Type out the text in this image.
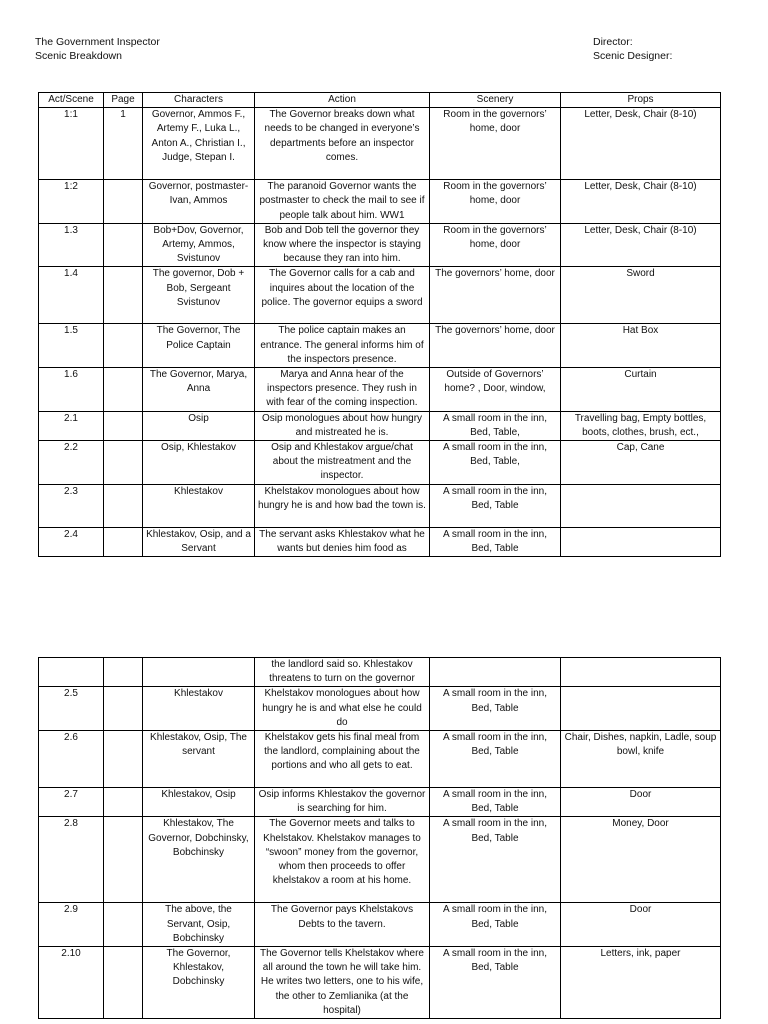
The Government Inspector
Scenic Breakdown
Director:
Scenic Designer:
Act/Scene	Page	Characters	Action	Scenery	Props
1:1	1	Governor, Ammos F., Artemy F., Luka L., Anton A., Christian I., Judge, Stepan I.	The Governor breaks down what needs to be changed in everyone’s departments before an inspector comes.	Room in the governors’ home, door	Letter, Desk, Chair (8-10)
1:2		Governor, postmaster-Ivan, Ammos	The paranoid Governor wants the postmaster to check the mail to see if people talk about him. WW1	Room in the governors’ home, door	Letter, Desk, Chair (8-10)
1.3		Bob+Dov, Governor, Artemy, Ammos, Svistunov	Bob and Dob tell the governor they know where the inspector is staying because they ran into him.	Room in the governors’ home, door	Letter, Desk, Chair (8-10)
1.4		The governor, Dob + Bob, Sergeant Svistunov	The Governor calls for a cab and inquires about the location of the police. The governor equips a sword	The governors’ home, door	Sword
1.5		The Governor, The Police Captain	The police captain makes an entrance. The general informs him of the inspectors presence.	The governors’ home, door	Hat Box
1.6		The Governor, Marya, Anna	Marya and Anna hear of the inspectors presence. They rush in with fear of the coming inspection.	Outside of Governors’ home? , Door, window,	Curtain
2.1		Osip	Osip monologues about how hungry and mistreated he is.	A small room in the inn, Bed, Table,	Travelling bag, Empty bottles, boots, clothes, brush, ect.,
2.2		Osip, Khlestakov	Osip and Khlestakov argue/chat about the mistreatment and the inspector.	A small room in the inn, Bed, Table,	Cap, Cane
2.3		Khlestakov	Khelstakov monologues about how hungry he is and how bad the town is.	A small room in the inn, Bed, Table	
2.4		Khlestakov, Osip, and a Servant	The servant asks Khlestakov what he wants but denies him food as	A small room in the inn, Bed, Table	
			the landlord said so. Khlestakov threatens to turn on the governor		
2.5		Khlestakov	Khelstakov monologues about how hungry he is and what else he could do	A small room in the inn, Bed, Table	
2.6		Khlestakov, Osip, The servant	Khelstakov gets his final meal from the landlord, complaining about the portions and who all gets to eat.	A small room in the inn, Bed, Table	Chair, Dishes, napkin, Ladle, soup bowl, knife
2.7		Khlestakov, Osip	Osip informs Khlestakov the governor is searching for him.	A small room in the inn, Bed, Table	Door
2.8		Khlestakov, The Governor, Dobchinsky, Bobchinsky	The Governor meets and talks to Khelstakov. Khelstakov manages to “swoon” money from the governor, whom then proceeds to offer khelstakov a room at his home.	A small room in the inn, Bed, Table	Money, Door
2.9		The above, the Servant, Osip, Bobchinsky	The Governor pays Khelstakovs Debts to the tavern.	A small room in the inn, Bed, Table	Door
2.10		The Governor, Khlestakov, Dobchinsky	The Governor tells Khelstakov where all around the town he will take him. He writes two letters, one to his wife, the other to Zemlianika (at the hospital)	A small room in the inn, Bed, Table	Letters, ink, paper
